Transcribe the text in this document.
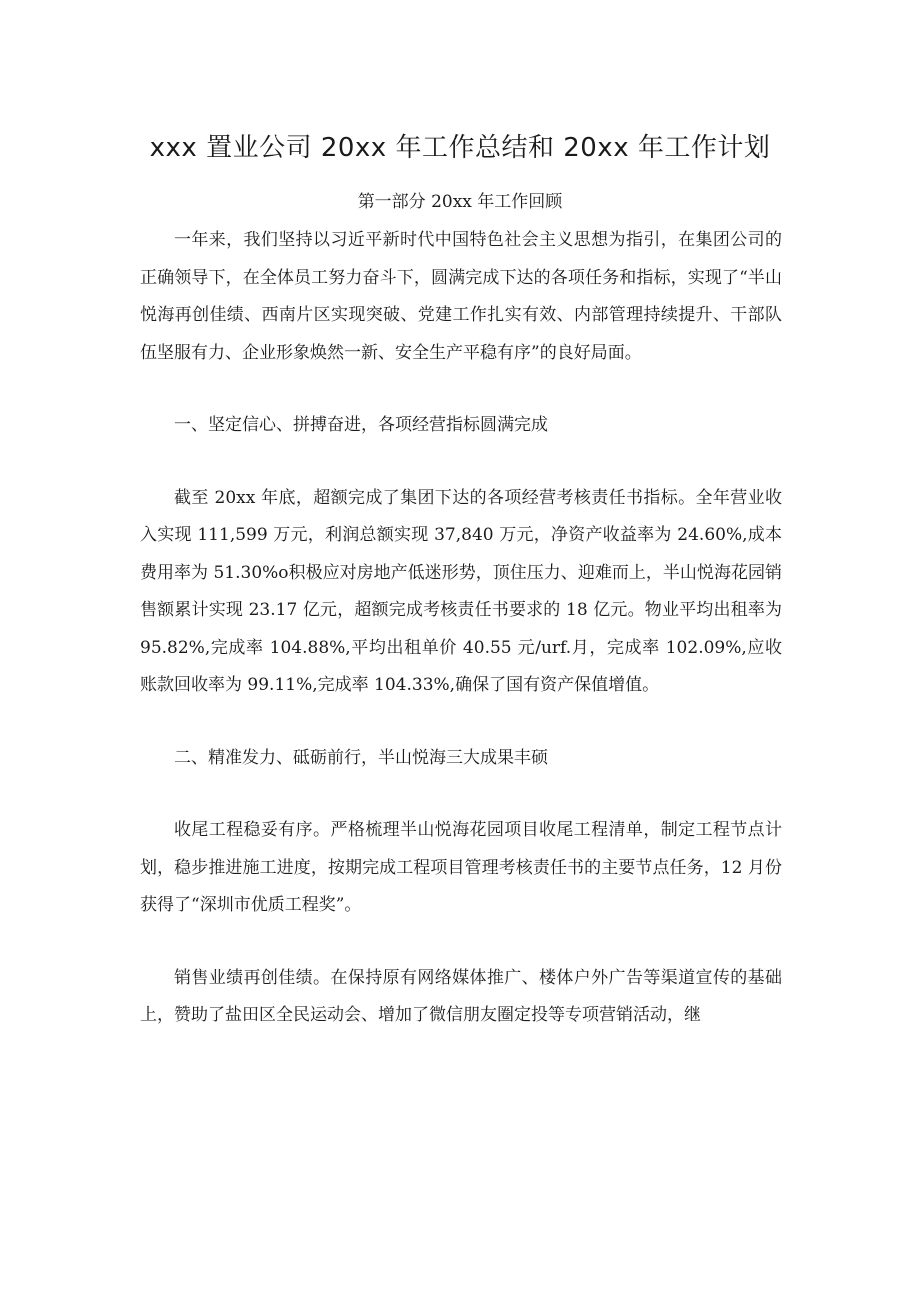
xxx 置业公司 20xx 年工作总结和 20xx 年工作计划
第一部分 20xx 年工作回顾

一年来，我们坚持以习近平新时代中国特色社会主义思想为指引，在集团公司的正确领导下，在全体员工努力奋斗下，圆满完成下达的各项任务和指标，实现了“半山悦海再创佳绩、西南片区实现突破、党建工作扎实有效、内部管理持续提升、干部队伍坚服有力、企业形象焕然一新、安全生产平稳有序”的良好局面。

一、坚定信心、拼搏奋进，各项经营指标圆满完成

截至 20xx 年底，超额完成了集团下达的各项经营考核责任书指标。全年营业收入实现 111,599 万元，利润总额实现 37,840 万元，净资产收益率为 24.60%,成本费用率为 51.30%o积极应对房地产低迷形势，顶住压力、迎难而上，半山悦海花园销售额累计实现 23.17 亿元，超额完成考核责任书要求的 18 亿元。物业平均出租率为 95.82%,完成率 104.88%,平均出租单价 40.55 元/urf.月，完成率 102.09%,应收账款回收率为 99.11%,完成率 104.33%,确保了国有资产保值增值。

二、精准发力、砥砺前行，半山悦海三大成果丰硕

收尾工程稳妥有序。严格梳理半山悦海花园项目收尾工程清单，制定工程节点计划，稳步推进施工进度，按期完成工程项目管理考核责任书的主要节点任务，12 月份获得了“深圳市优质工程奖”。

销售业绩再创佳绩。在保持原有网络媒体推广、楼体户外广告等渠道宣传的基础上，赞助了盐田区全民运动会、增加了微信朋友圈定投等专项营销活动，继
